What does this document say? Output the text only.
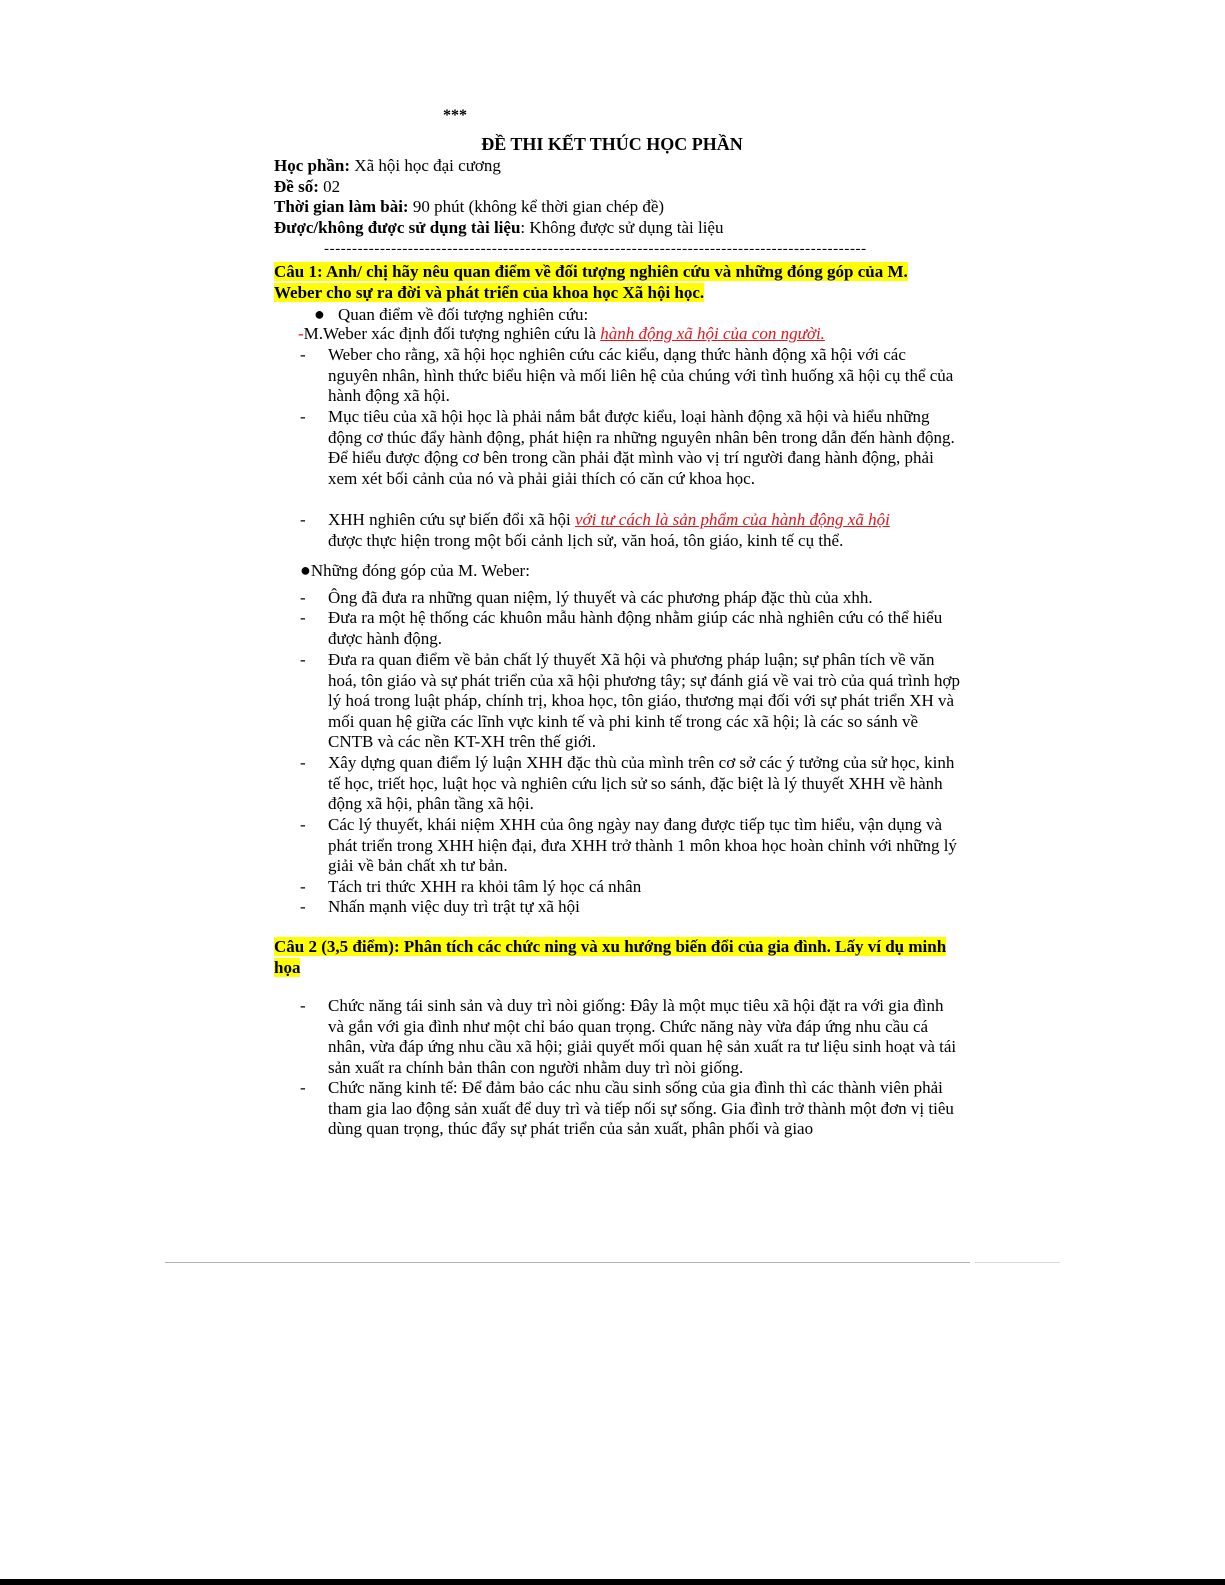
***
ĐỀ THI KẾT THÚC HỌC PHẦN
Học phần: Xã hội học đại cương
Đề số: 02
Thời gian làm bài: 90 phút (không kể thời gian chép đề)
Được/không được sử dụng tài liệu: Không được sử dụng tài liệu
-------------------------------------------------------------------------------------------------
Câu 1: Anh/ chị hãy nêu quan điểm về đối tượng nghiên cứu và những đóng góp của M. Weber cho sự ra đời và phát triển của khoa học Xã hội học.
● Quan điểm về đối tượng nghiên cứu:
-M.Weber xác định đối tượng nghiên cứu là hành động xã hội của con người.
-	Weber cho rằng, xã hội học nghiên cứu các kiểu, dạng thức hành động xã hội với các nguyên nhân, hình thức biểu hiện và mối liên hệ của chúng với tình huống xã hội cụ thể của hành động xã hội.
-	Mục tiêu của xã hội học là phải nắm bắt được kiểu, loại hành động xã hội và hiểu những động cơ thúc đẩy hành động, phát hiện ra những nguyên nhân bên trong dẫn đến hành động.
Để hiểu được động cơ bên trong cần phải đặt mình vào vị trí người đang hành động, phải xem xét bối cảnh của nó và phải giải thích có căn cứ khoa học.
-	XHH nghiên cứu sự biến đổi xã hội với tư cách là sản phẩm của hành động xã hội
được thực hiện trong một bối cảnh lịch sử, văn hoá, tôn giáo, kinh tế cụ thể.
●Những đóng góp của M. Weber:
-	Ông đã đưa ra những quan niệm, lý thuyết và các phương pháp đặc thù của xhh.
-	Đưa ra một hệ thống các khuôn mẫu hành động nhằm giúp các nhà nghiên cứu có thể hiểu được hành động.
-	Đưa ra quan điểm về bản chất lý thuyết Xã hội và phương pháp luận; sự phân tích về văn hoá, tôn giáo và sự phát triển của xã hội phương tây; sự đánh giá về vai trò của quá trình hợp lý hoá trong luật pháp, chính trị, khoa học, tôn giáo, thương mại đối với sự phát triển XH và mối quan hệ giữa các lĩnh vực kinh tế và phi kinh tế trong các xã hội; là các so sánh về CNTB và các nền KT-XH trên thế giới.
-	Xây dựng quan điểm lý luận XHH đặc thù của mình trên cơ sở các ý tưởng của sử học, kinh tế học, triết học, luật học và nghiên cứu lịch sử so sánh, đặc biệt là lý thuyết XHH về hành động xã hội, phân tầng xã hội.
-	Các lý thuyết, khái niệm XHH của ông ngày nay đang được tiếp tục tìm hiểu, vận dụng và phát triển trong XHH hiện đại, đưa XHH trở thành 1 môn khoa học hoàn chỉnh với những lý giải về bản chất xh tư bản.
-	Tách tri thức XHH ra khỏi tâm lý học cá nhân
-	Nhấn mạnh việc duy trì trật tự xã hội
Câu 2 (3,5 điểm): Phân tích các chức ning và xu hướng biến đổi của gia đình. Lấy ví dụ minh họa
-	Chức năng tái sinh sản và duy trì nòi giống: Đây là một mục tiêu xã hội đặt ra với gia đình và gắn với gia đình như một chỉ báo quan trọng. Chức năng này vừa đáp ứng nhu cầu cá nhân, vừa đáp ứng nhu cầu xã hội; giải quyết mối quan hệ sản xuất ra tư liệu sinh hoạt và tái sản xuất ra chính bản thân con người nhằm duy trì nòi giống.
-	Chức năng kinh tế: Để đảm bảo các nhu cầu sinh sống của gia đình thì các thành viên phải tham gia lao động sản xuất để duy trì và tiếp nối sự sống. Gia đình trở thành một đơn vị tiêu dùng quan trọng, thúc đẩy sự phát triển của sản xuất, phân phối và giao
